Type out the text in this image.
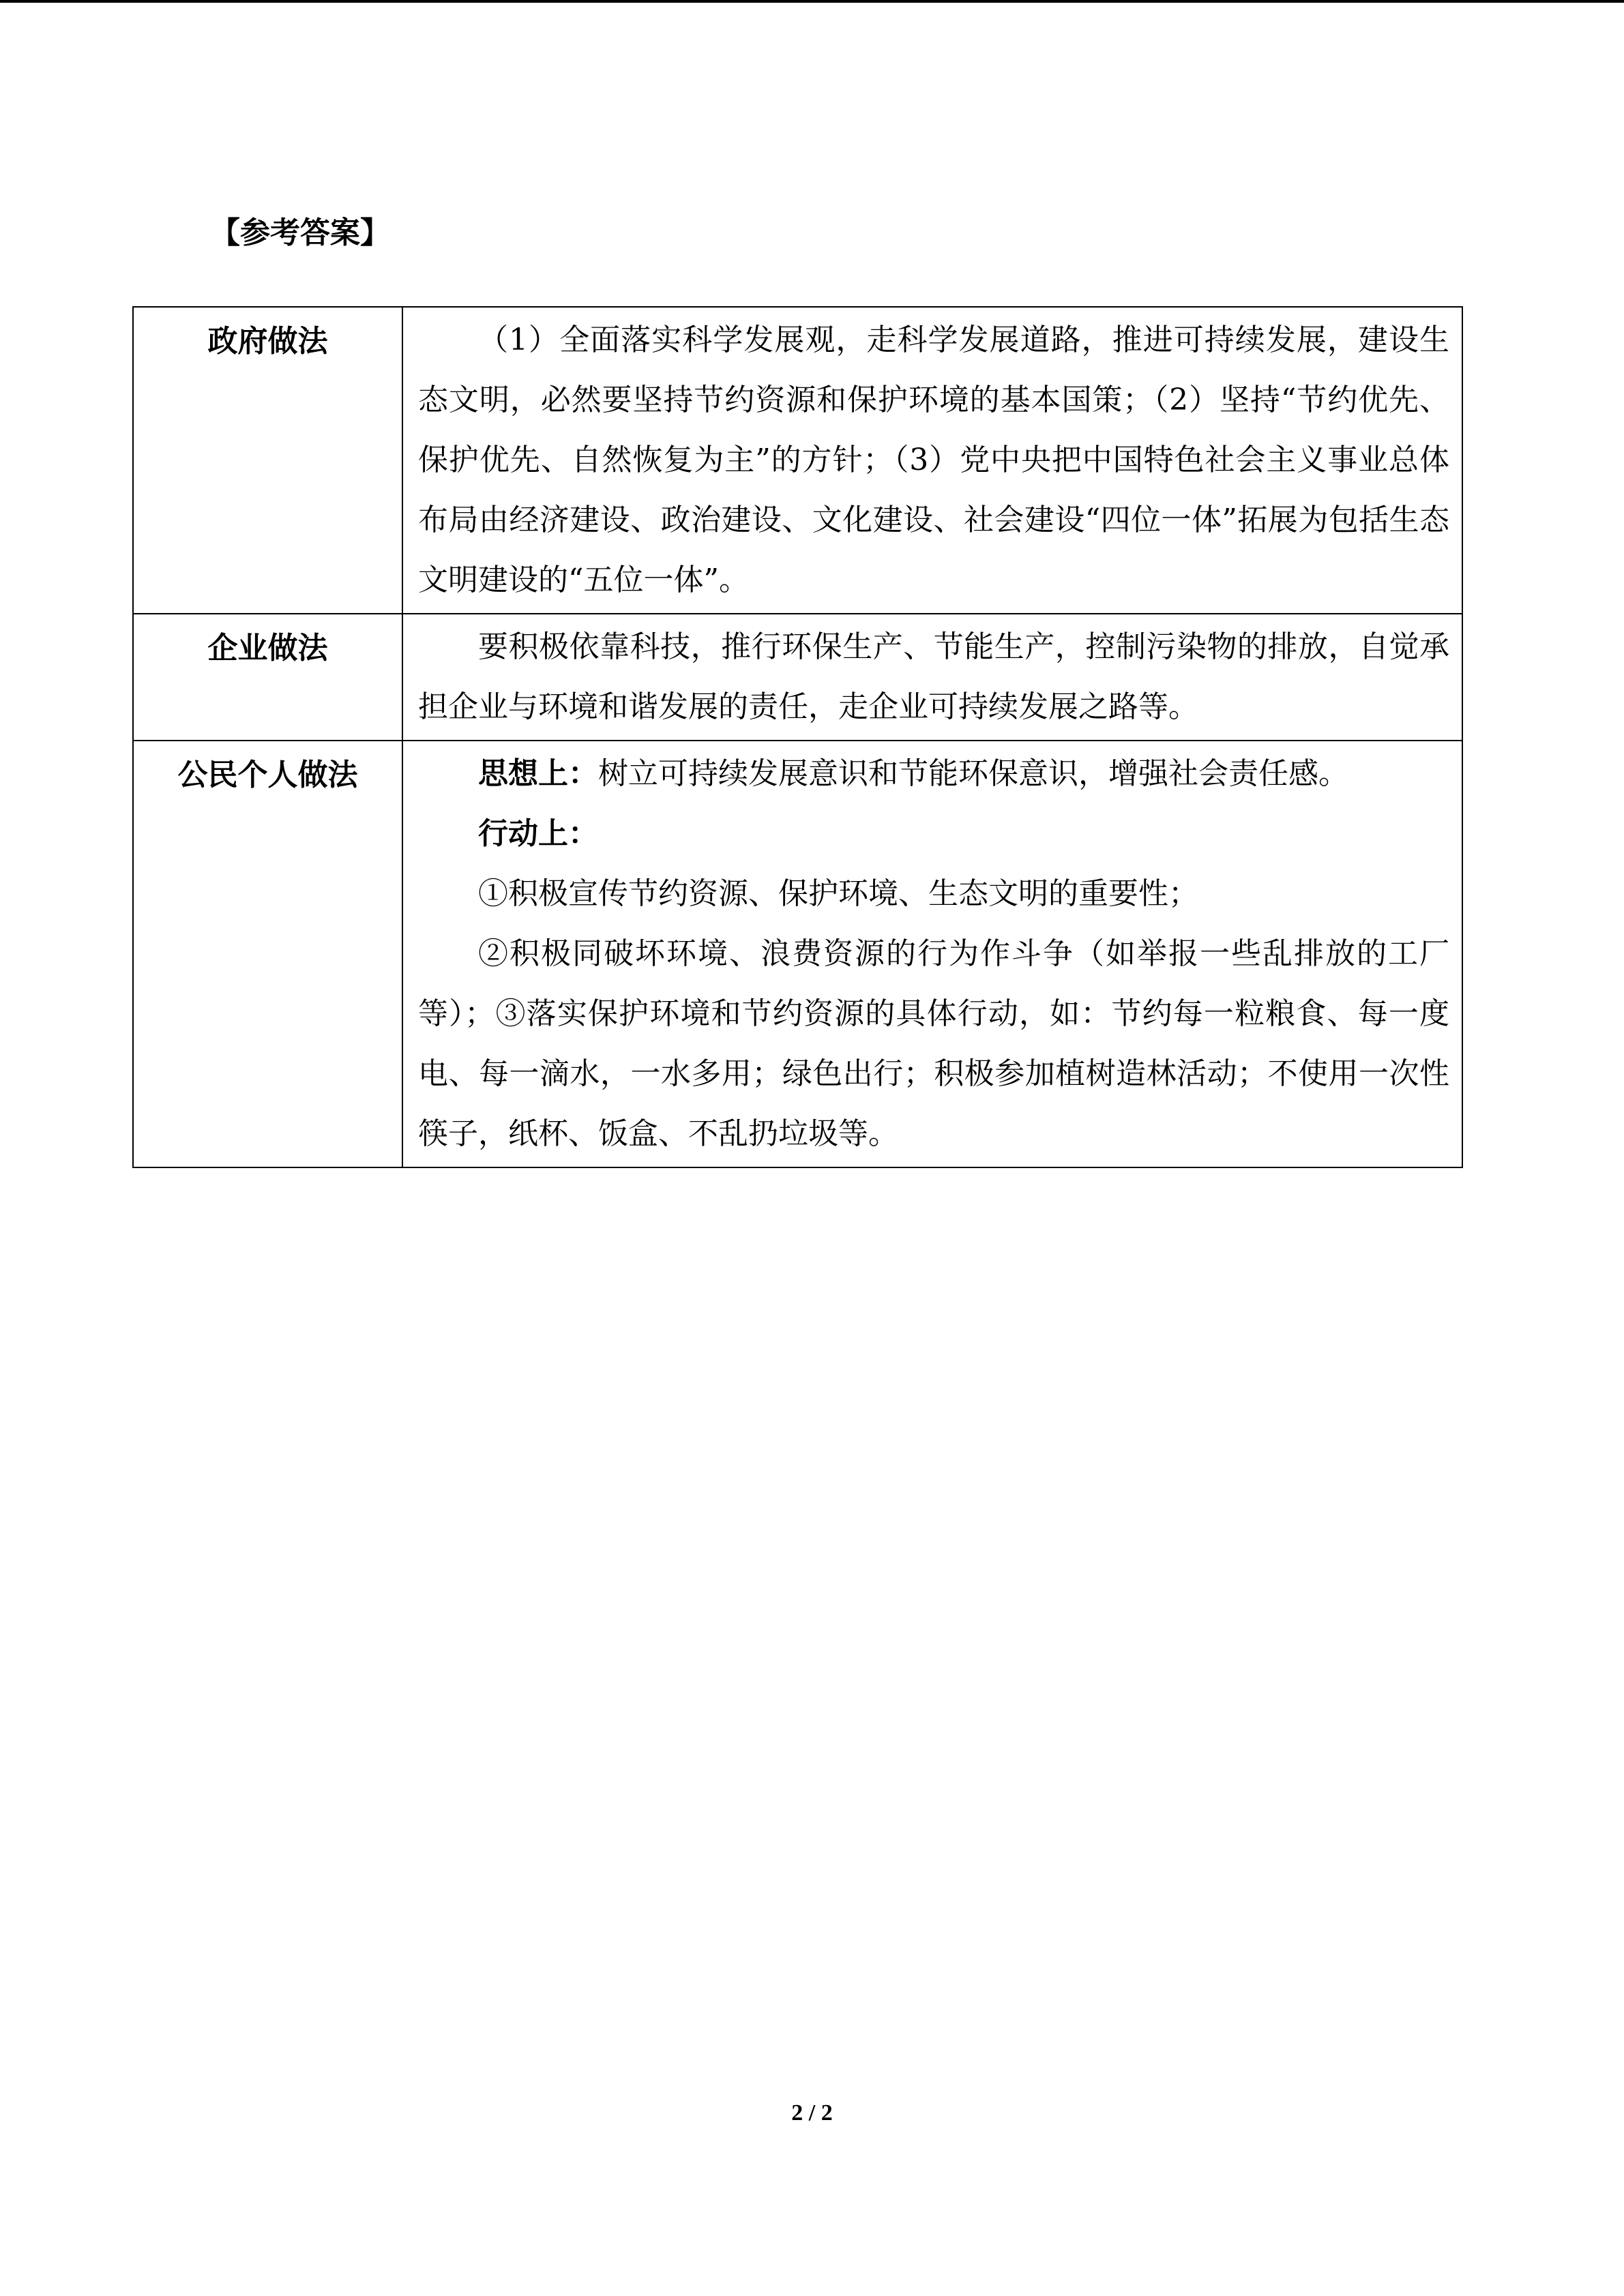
【参考答案】
政府做法	（1）全面落实科学发展观，走科学发展道路，推进可持续发展，建设生态文明，必然要坚持节约资源和保护环境的基本国策；（2）坚持“节约优先、保护优先、自然恢复为主”的方针；（3）党中央把中国特色社会主义事业总体布局由经济建设、政治建设、文化建设、社会建设“四位一体”拓展为包括生态文明建设的“五位一体”。

企业做法	要积极依靠科技，推行环保生产、节能生产，控制污染物的排放，自觉承担企业与环境和谐发展的责任，走企业可持续发展之路等。

公民个人做法	思想上：树立可持续发展意识和节能环保意识，增强社会责任感。

行动上：

①积极宣传节约资源、保护环境、生态文明的重要性；

②积极同破坏环境、浪费资源的行为作斗争（如举报一些乱排放的工厂等）；③落实保护环境和节约资源的具体行动，如：节约每一粒粮食、每一度电、每一滴水，一水多用；绿色出行；积极参加植树造林活动；不使用一次性筷子，纸杯、饭盒、不乱扔垃圾等。

2 / 2
